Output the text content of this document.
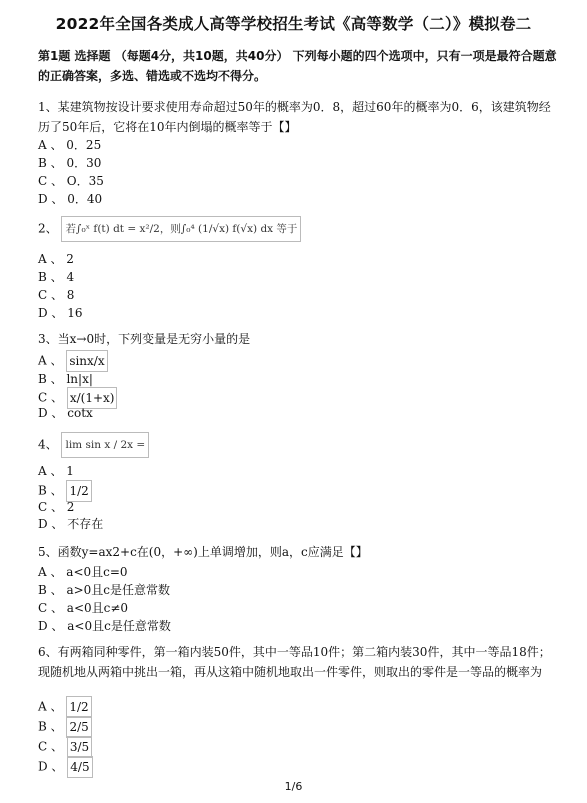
2022年全国各类成人高等学校招生考试《高等数学（二）》模拟卷二
第1题 选择题 （每题4分，共10题，共40分） 下列每小题的四个选项中，只有一项是最符合题意的正确答案，多选、错选或不选均不得分。
1、某建筑物按设计要求使用寿命超过50年的概率为0．8，超过60年的概率为0．6，该建筑物经历了50年后，它将在10年内倒塌的概率等于【】
A 、 0．25
B 、 0．30
C 、 O．35
D 、 0．40
2、 若∫₀ˣ f(t) dt = x²/2，则∫₀⁴ (1/√x) f(√x) dx 等于
A 、 2
B 、 4
C 、 8
D 、 16
3、当x→0时，下列变量是无穷小量的是
A 、 sinx/x
B 、 ln|x|
C 、 x/(1+x)
D 、 cotx
4、 lim sin x / 2x =
A 、 1
B 、 1/2
C 、 2
D 、 不存在
5、函数y=ax2+c在(0，+∞)上单调增加，则a，c应满足【】
A 、 a<0且c=0
B 、 a>0且c是任意常数
C 、 a<0且c≠0
D 、 a<0且c是任意常数
6、有两箱同种零件，第一箱内装50件，其中一等品10件；第二箱内装30件，其中一等品18件；现随机地从两箱中挑出一箱，再从这箱中随机地取出一件零件，则取出的零件是一等品的概率为
A 、 1/2
B 、 2/5
C 、 3/5
D 、 4/5
1/6
